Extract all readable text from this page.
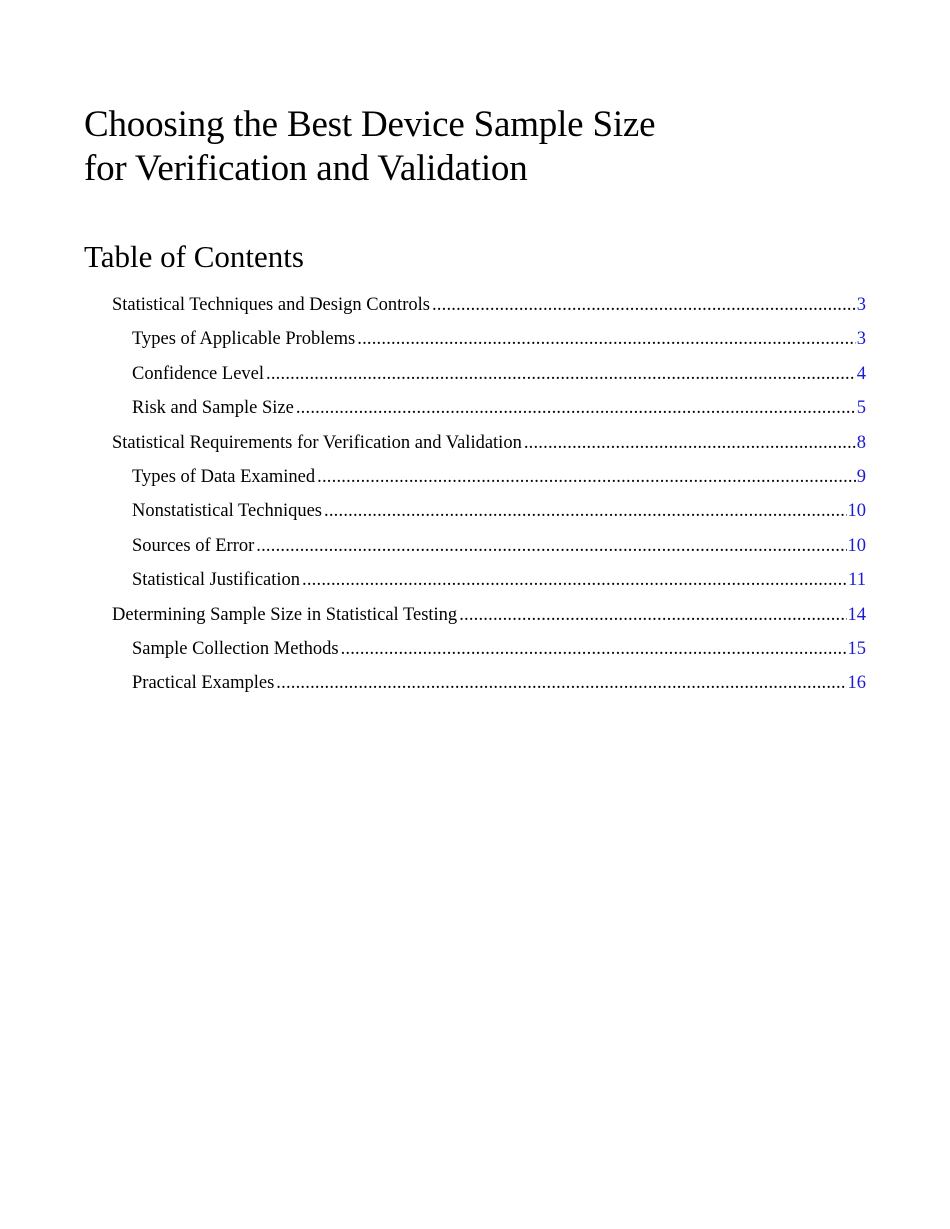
Choosing the Best Device Sample Size
for Verification and Validation
Table of Contents
Statistical Techniques and Design Controls .....	3
Types of Applicable Problems .....	3
Confidence Level .....	4
Risk and Sample Size .....	5
Statistical Requirements for Verification and Validation .....	8
Types of Data Examined .....	9
Nonstatistical Techniques .....	10
Sources of Error .....	10
Statistical Justification .....	11
Determining Sample Size in Statistical Testing .....	14
Sample Collection Methods .....	15
Practical Examples .....	16
